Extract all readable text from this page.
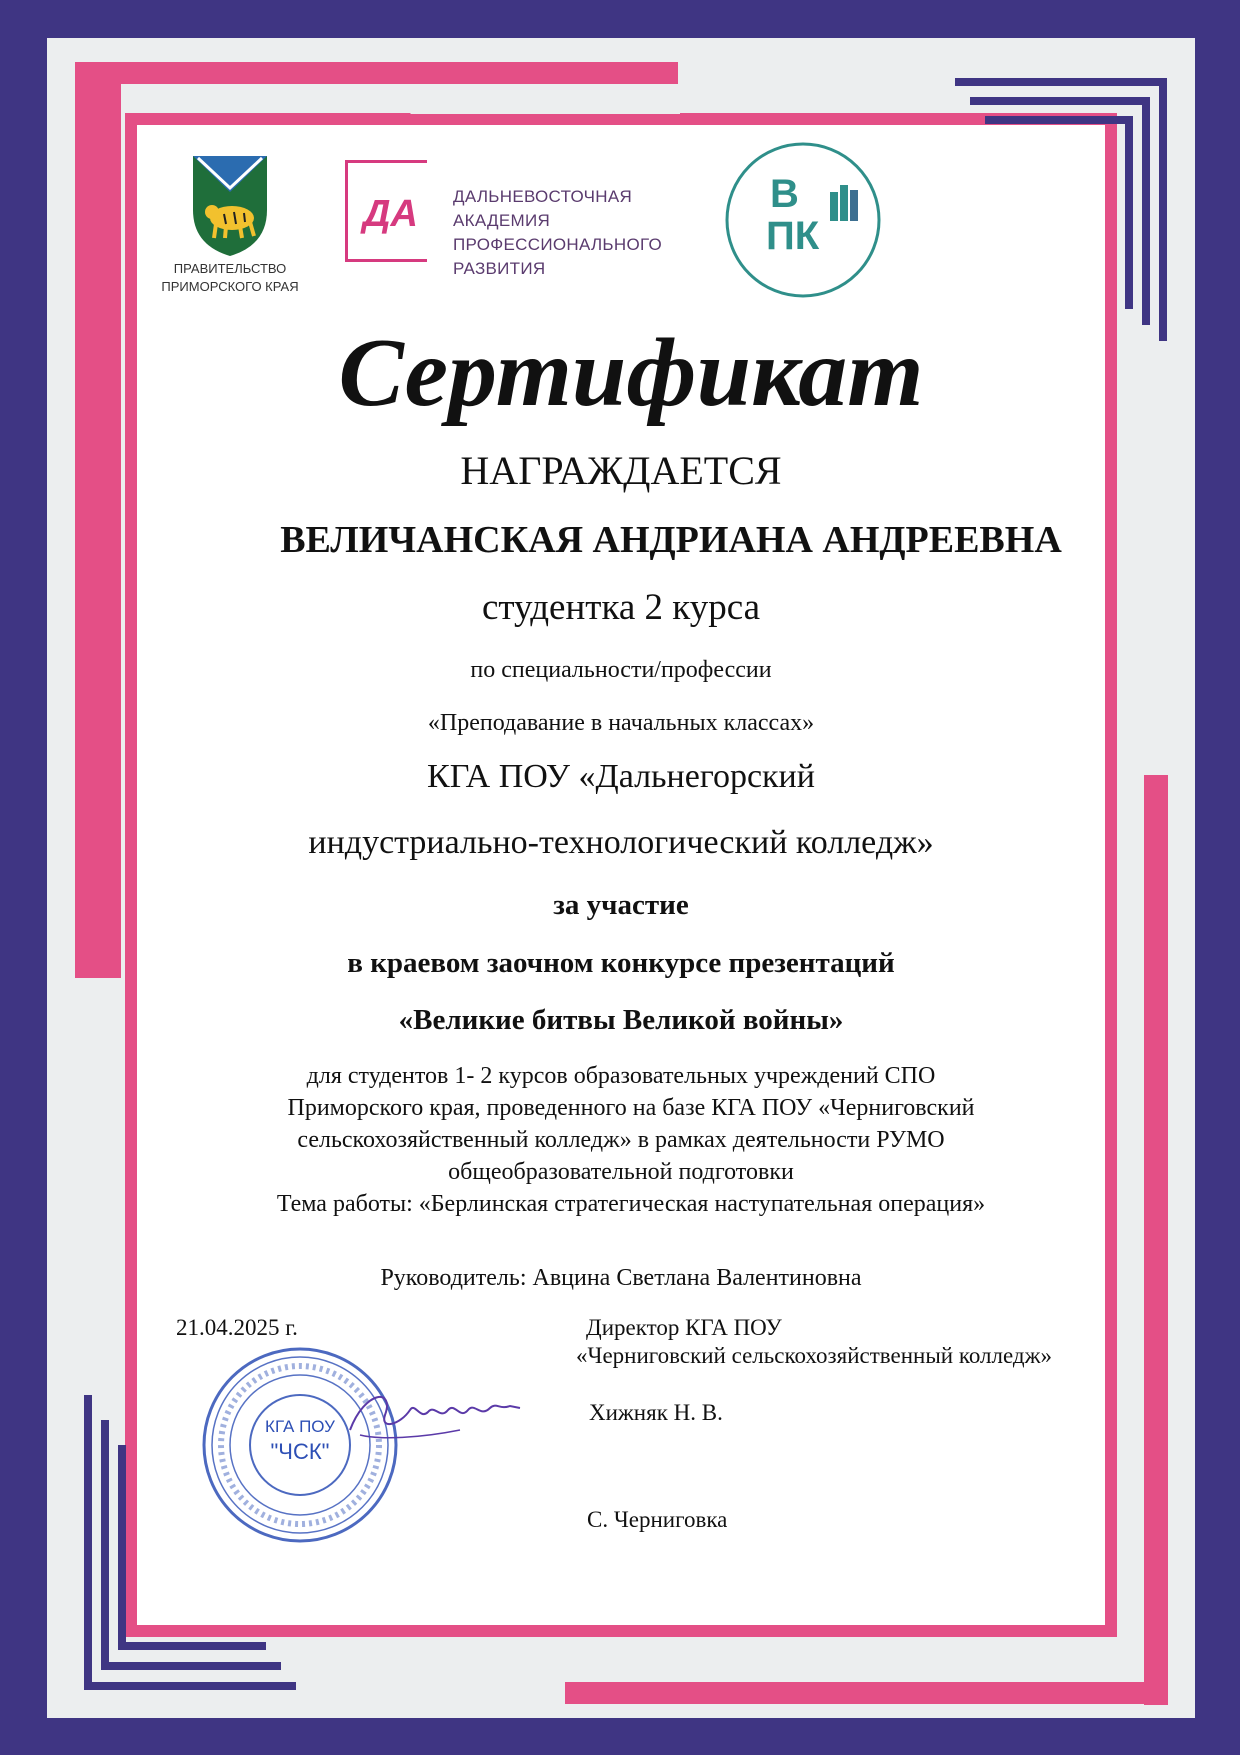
ПРАВИТЕЛЬСТВО
ПРИМОРСКОГО КРАЯ
ДА ДАЛЬНЕВОСТОЧНАЯ
АКАДЕМИЯ
ПРОФЕССИОНАЛЬНОГО
РАЗВИТИЯ
В
ПК
Сертификат
НАГРАЖДАЕТСЯ
ВЕЛИЧАНСКАЯ АНДРИАНА АНДРЕЕВНА
студентка 2 курса
по специальности/профессии
«Преподавание в начальных классах»
КГА ПОУ «Дальнегорский
индустриально-технологический колледж»
за участие
в краевом заочном конкурсе презентаций
«Великие битвы Великой войны»
для студентов 1- 2 курсов образовательных учреждений СПО
Приморского края, проведенного на базе КГА ПОУ «Черниговский
сельскохозяйственный колледж» в рамках деятельности РУМО
общеобразовательной подготовки
Тема работы: «Берлинская стратегическая наступательная операция»
Руководитель: Авцина Светлана Валентиновна
21.04.2025 г.	Директор КГА ПОУ
«Черниговский сельскохозяйственный колледж»
Хижняк Н. В.
С. Черниговка
КГА ПОУ
"ЧСК"
